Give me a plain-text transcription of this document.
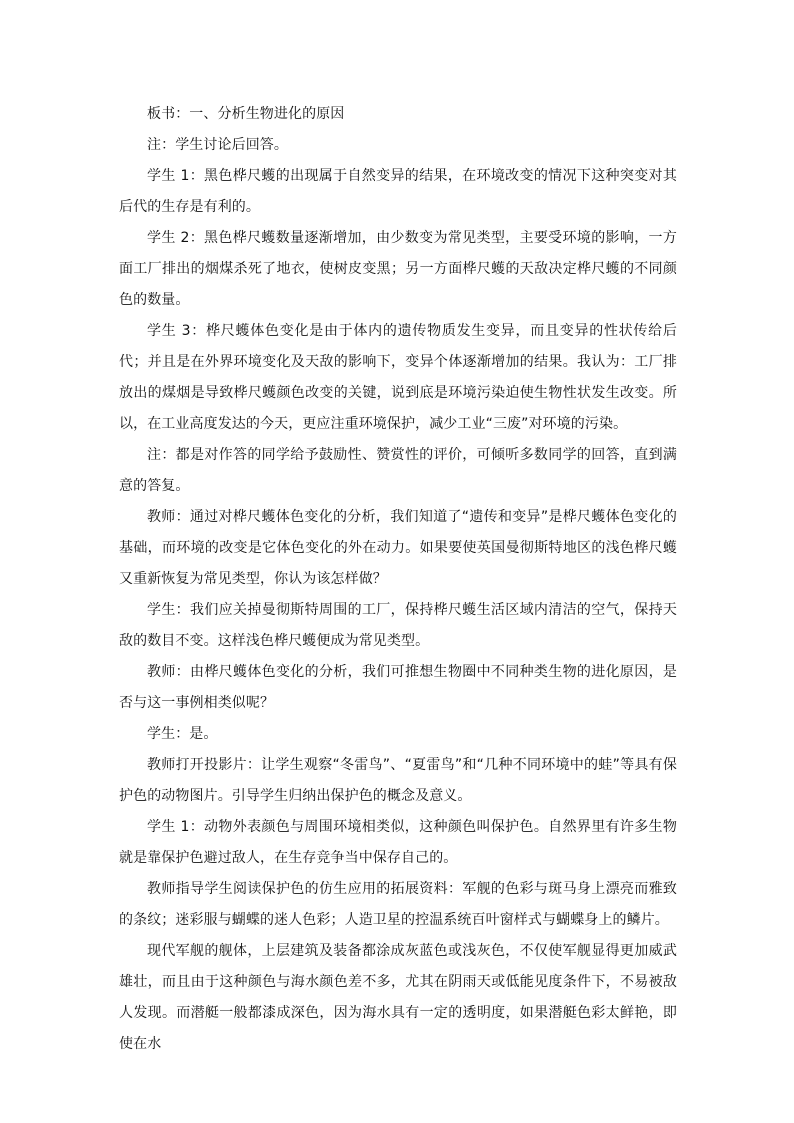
板书：一、分析生物进化的原因

注：学生讨论后回答。

学生 1：黑色桦尺蠖的出现属于自然变异的结果，在环境改变的情况下这种突变对其后代的生存是有利的。

学生 2：黑色桦尺蠖数量逐渐增加，由少数变为常见类型，主要受环境的影响，一方面工厂排出的烟煤杀死了地衣，使树皮变黑；另一方面桦尺蠖的天敌决定桦尺蠖的不同颜色的数量。

学生 3：桦尺蠖体色变化是由于体内的遗传物质发生变异，而且变异的性状传给后代；并且是在外界环境变化及天敌的影响下，变异个体逐渐增加的结果。我认为：工厂排放出的煤烟是导致桦尺蠖颜色改变的关键，说到底是环境污染迫使生物性状发生改变。所以，在工业高度发达的今天，更应注重环境保护，减少工业“三废”对环境的污染。

注：都是对作答的同学给予鼓励性、赞赏性的评价，可倾听多数同学的回答，直到满意的答复。

教师：通过对桦尺蠖体色变化的分析，我们知道了“遗传和变异”是桦尺蠖体色变化的基础，而环境的改变是它体色变化的外在动力。如果要使英国曼彻斯特地区的浅色桦尺蠖又重新恢复为常见类型，你认为该怎样做？

学生：我们应关掉曼彻斯特周围的工厂，保持桦尺蠖生活区域内清洁的空气，保持天敌的数目不变。这样浅色桦尺蠖便成为常见类型。

教师：由桦尺蠖体色变化的分析，我们可推想生物圈中不同种类生物的进化原因，是否与这一事例相类似呢？

学生：是。

教师打开投影片：让学生观察“冬雷鸟”、“夏雷鸟”和“几种不同环境中的蛙”等具有保护色的动物图片。引导学生归纳出保护色的概念及意义。

学生 1：动物外表颜色与周围环境相类似，这种颜色叫保护色。自然界里有许多生物就是靠保护色避过敌人，在生存竞争当中保存自己的。

教师指导学生阅读保护色的仿生应用的拓展资料：军舰的色彩与斑马身上漂亮而雅致的条纹；迷彩服与蝴蝶的迷人色彩；人造卫星的控温系统百叶窗样式与蝴蝶身上的鳞片。

现代军舰的舰体，上层建筑及装备都涂成灰蓝色或浅灰色，不仅使军舰显得更加威武雄壮，而且由于这种颜色与海水颜色差不多，尤其在阴雨天或低能见度条件下，不易被敌人发现。而潜艇一般都漆成深色，因为海水具有一定的透明度，如果潜艇色彩太鲜艳，即使在水
